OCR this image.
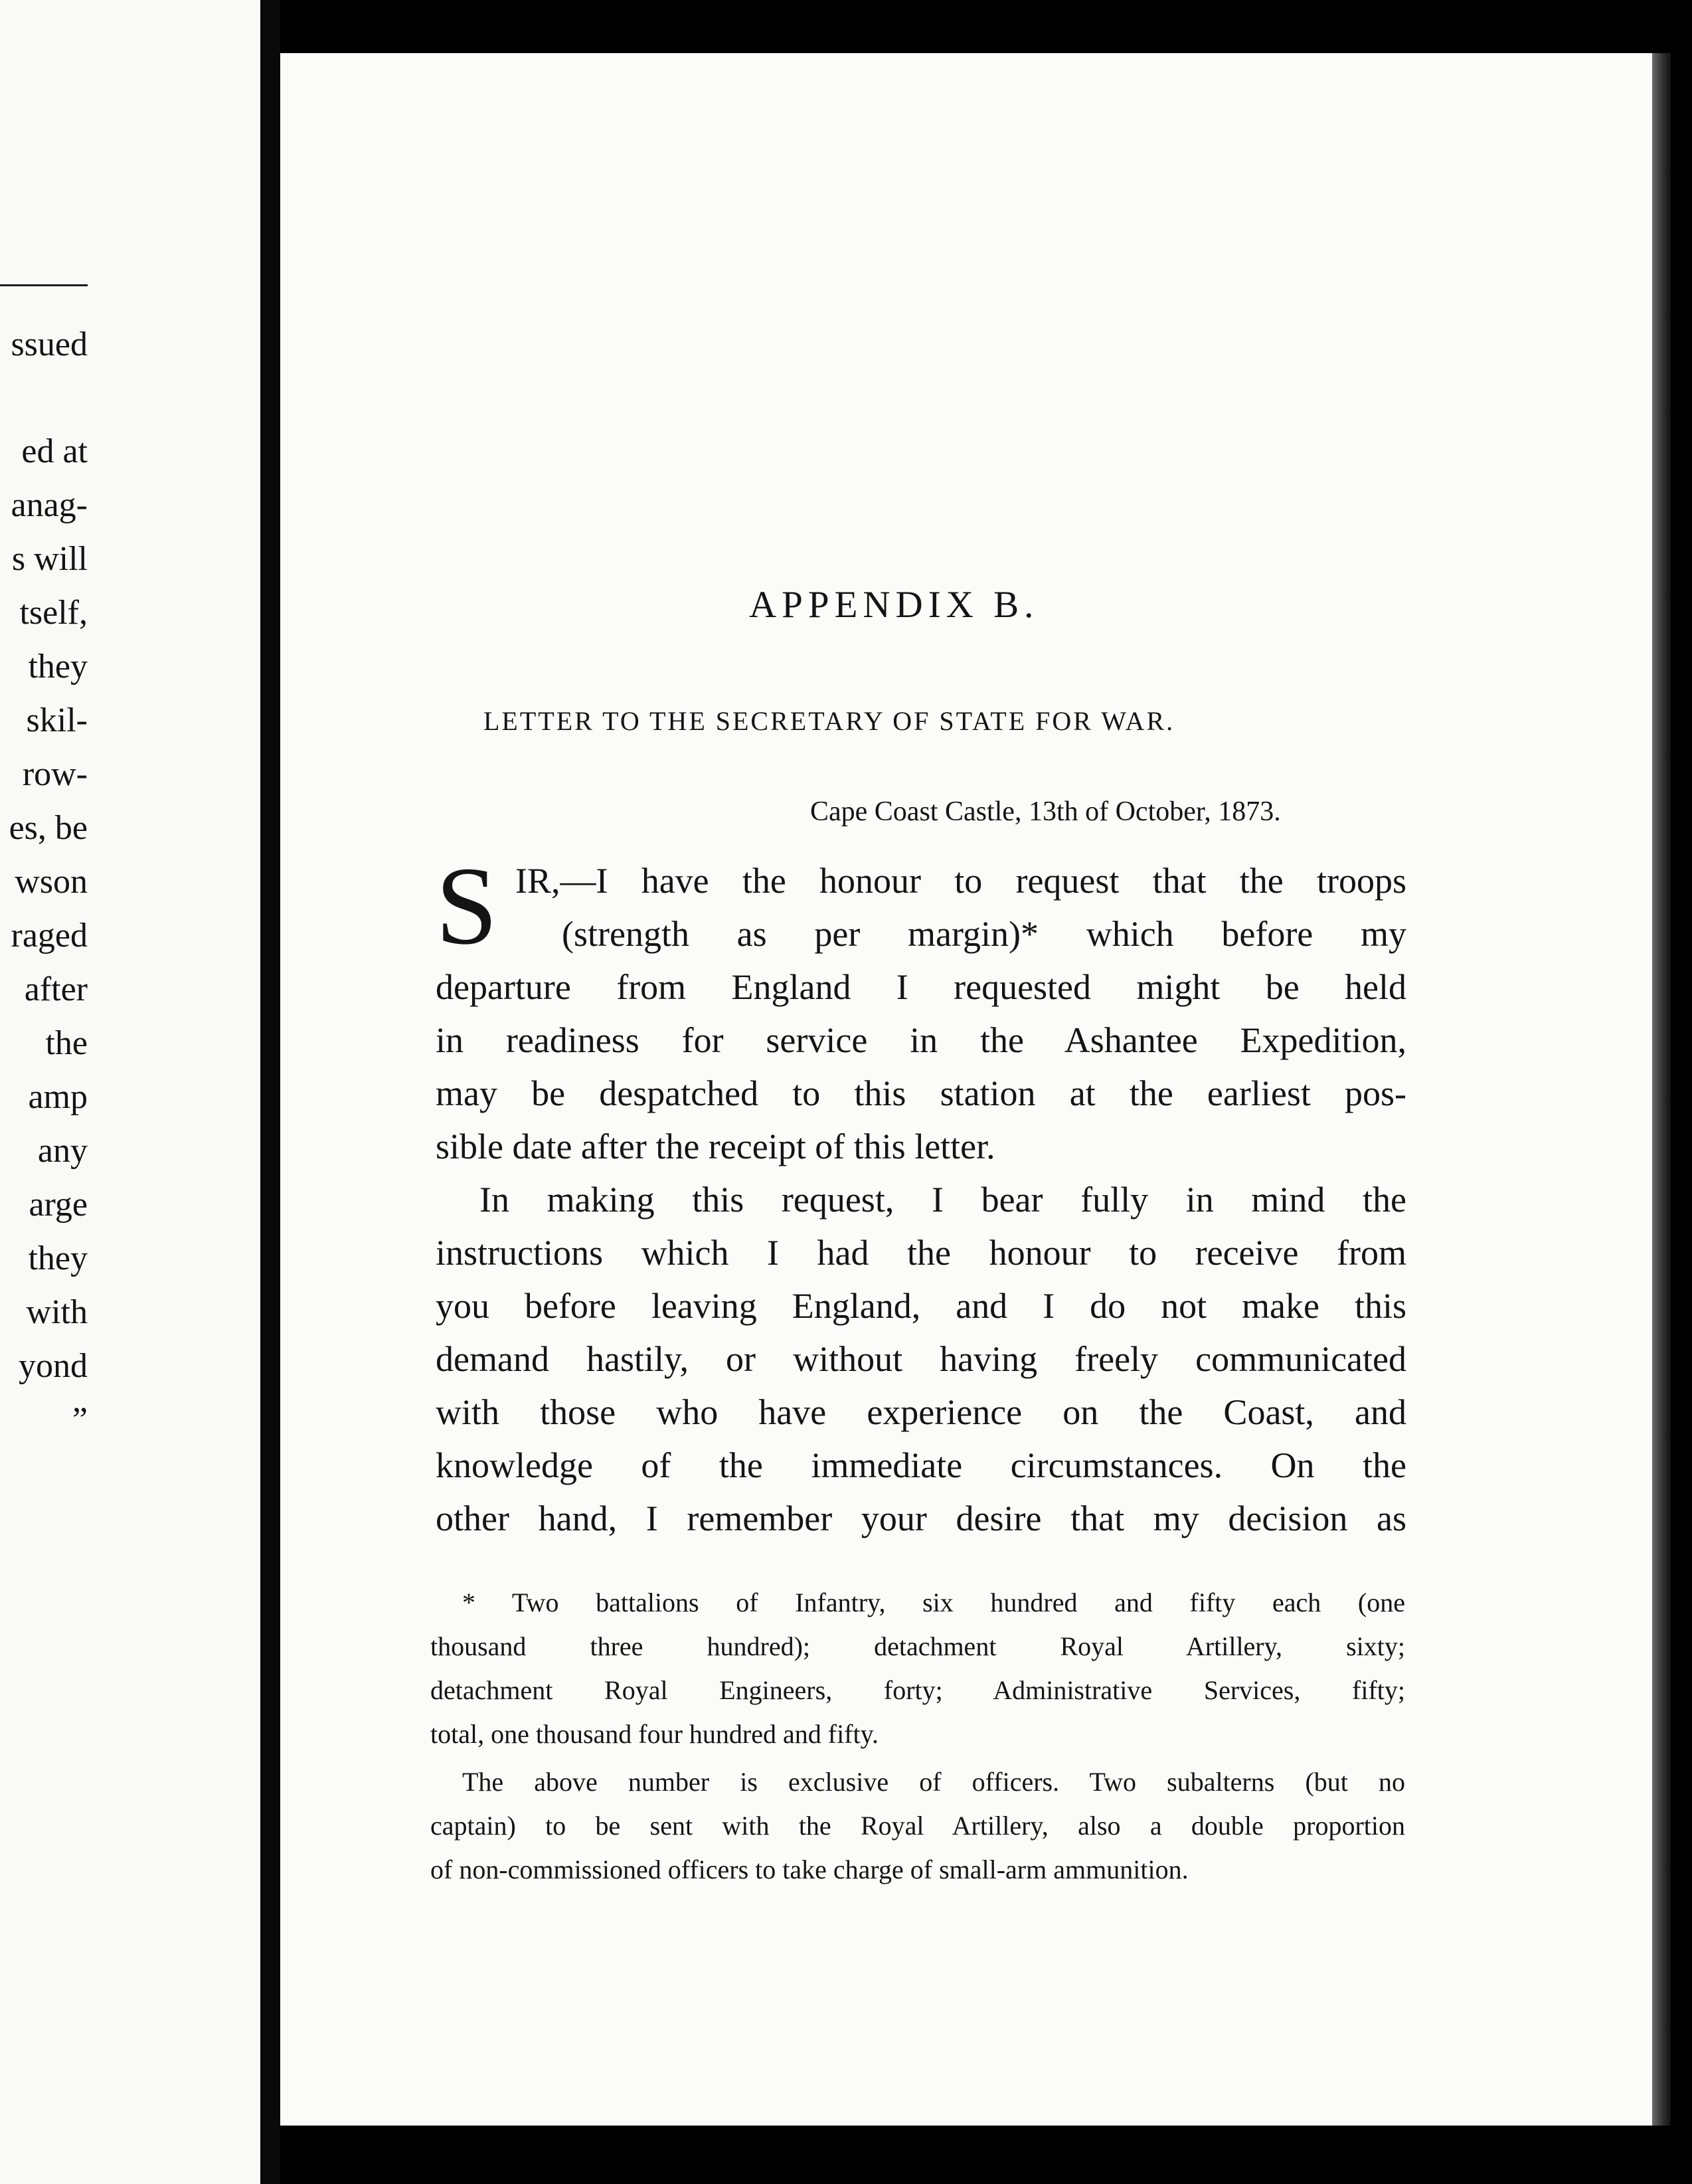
ssued
ed at
anag-
s will
tself,
they
skil-
row-
es, be
wson
raged
after
the
amp
any
arge
they
with
yond
”
APPENDIX B.
LETTER TO THE SECRETARY OF STATE FOR WAR.
Cape Coast Castle, 13th of October, 1873.
S IR,—I have the honour to request that the troops
(strength as per margin)* which before my
departure from England I requested might be held
in readiness for service in the Ashantee Expedition,
may be despatched to this station at the earliest pos-
sible date after the receipt of this letter.
In making this request, I bear fully in mind the
instructions which I had the honour to receive from
you before leaving England, and I do not make this
demand hastily, or without having freely communicated
with those who have experience on the Coast, and
knowledge of the immediate circumstances. On the
other hand, I remember your desire that my decision as
* Two battalions of Infantry, six hundred and fifty each (one
thousand three hundred); detachment Royal Artillery, sixty;
detachment Royal Engineers, forty; Administrative Services, fifty;
total, one thousand four hundred and fifty.
The above number is exclusive of officers. Two subalterns (but no
captain) to be sent with the Royal Artillery, also a double proportion
of non-commissioned officers to take charge of small-arm ammunition.
